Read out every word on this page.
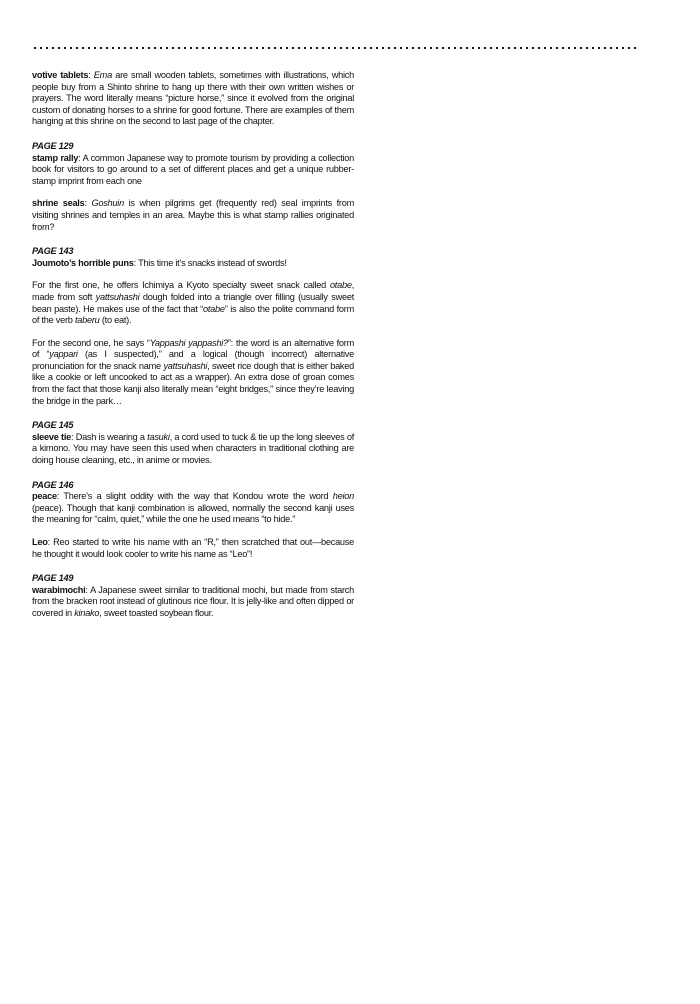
votive tablets: Ema are small wooden tablets, sometimes with illustrations, which people buy from a Shinto shrine to hang up there with their own written wishes or prayers. The word literally means “picture horse,” since it evolved from the original custom of donating horses to a shrine for good fortune. There are examples of them hanging at this shrine on the second to last page of the chapter.
PAGE 129
stamp rally: A common Japanese way to promote tourism by providing a collection book for visitors to go around to a set of different places and get a unique rubber-stamp imprint from each one
shrine seals: Goshuin is when pilgrims get (frequently red) seal imprints from visiting shrines and temples in an area. Maybe this is what stamp rallies originated from?
PAGE 143
Joumoto’s horrible puns: This time it’s snacks instead of swords!
For the first one, he offers Ichimiya a Kyoto specialty sweet snack called otabe, made from soft yattsuhashi dough folded into a triangle over filling (usually sweet bean paste). He makes use of the fact that “otabe” is also the polite command form of the verb taberu (to eat).
For the second one, he says “Yappashi yappashi?”: the word is an alternative form of “yappari (as I suspected),” and a logical (though incorrect) alternative pronunciation for the snack name yattsuhashi, sweet rice dough that is either baked like a cookie or left uncooked to act as a wrapper). An extra dose of groan comes from the fact that those kanji also literally mean “eight bridges,” since they’re leaving the bridge in the park…
PAGE 145
sleeve tie: Dash is wearing a tasuki, a cord used to tuck & tie up the long sleeves of a kimono. You may have seen this used when characters in traditional clothing are doing house cleaning, etc., in anime or movies.
PAGE 146
peace: There’s a slight oddity with the way that Kondou wrote the word heion (peace). Though that kanji combination is allowed, normally the second kanji uses the meaning for “calm, quiet,” while the one he used means “to hide.”
Leo: Reo started to write his name with an “R,” then scratched that out—because he thought it would look cooler to write his name as “Leo”!
PAGE 149
warabimochi: A Japanese sweet similar to traditional mochi, but made from starch from the bracken root instead of glutinous rice flour. It is jelly-like and often dipped or covered in kinako, sweet toasted soybean flour.
